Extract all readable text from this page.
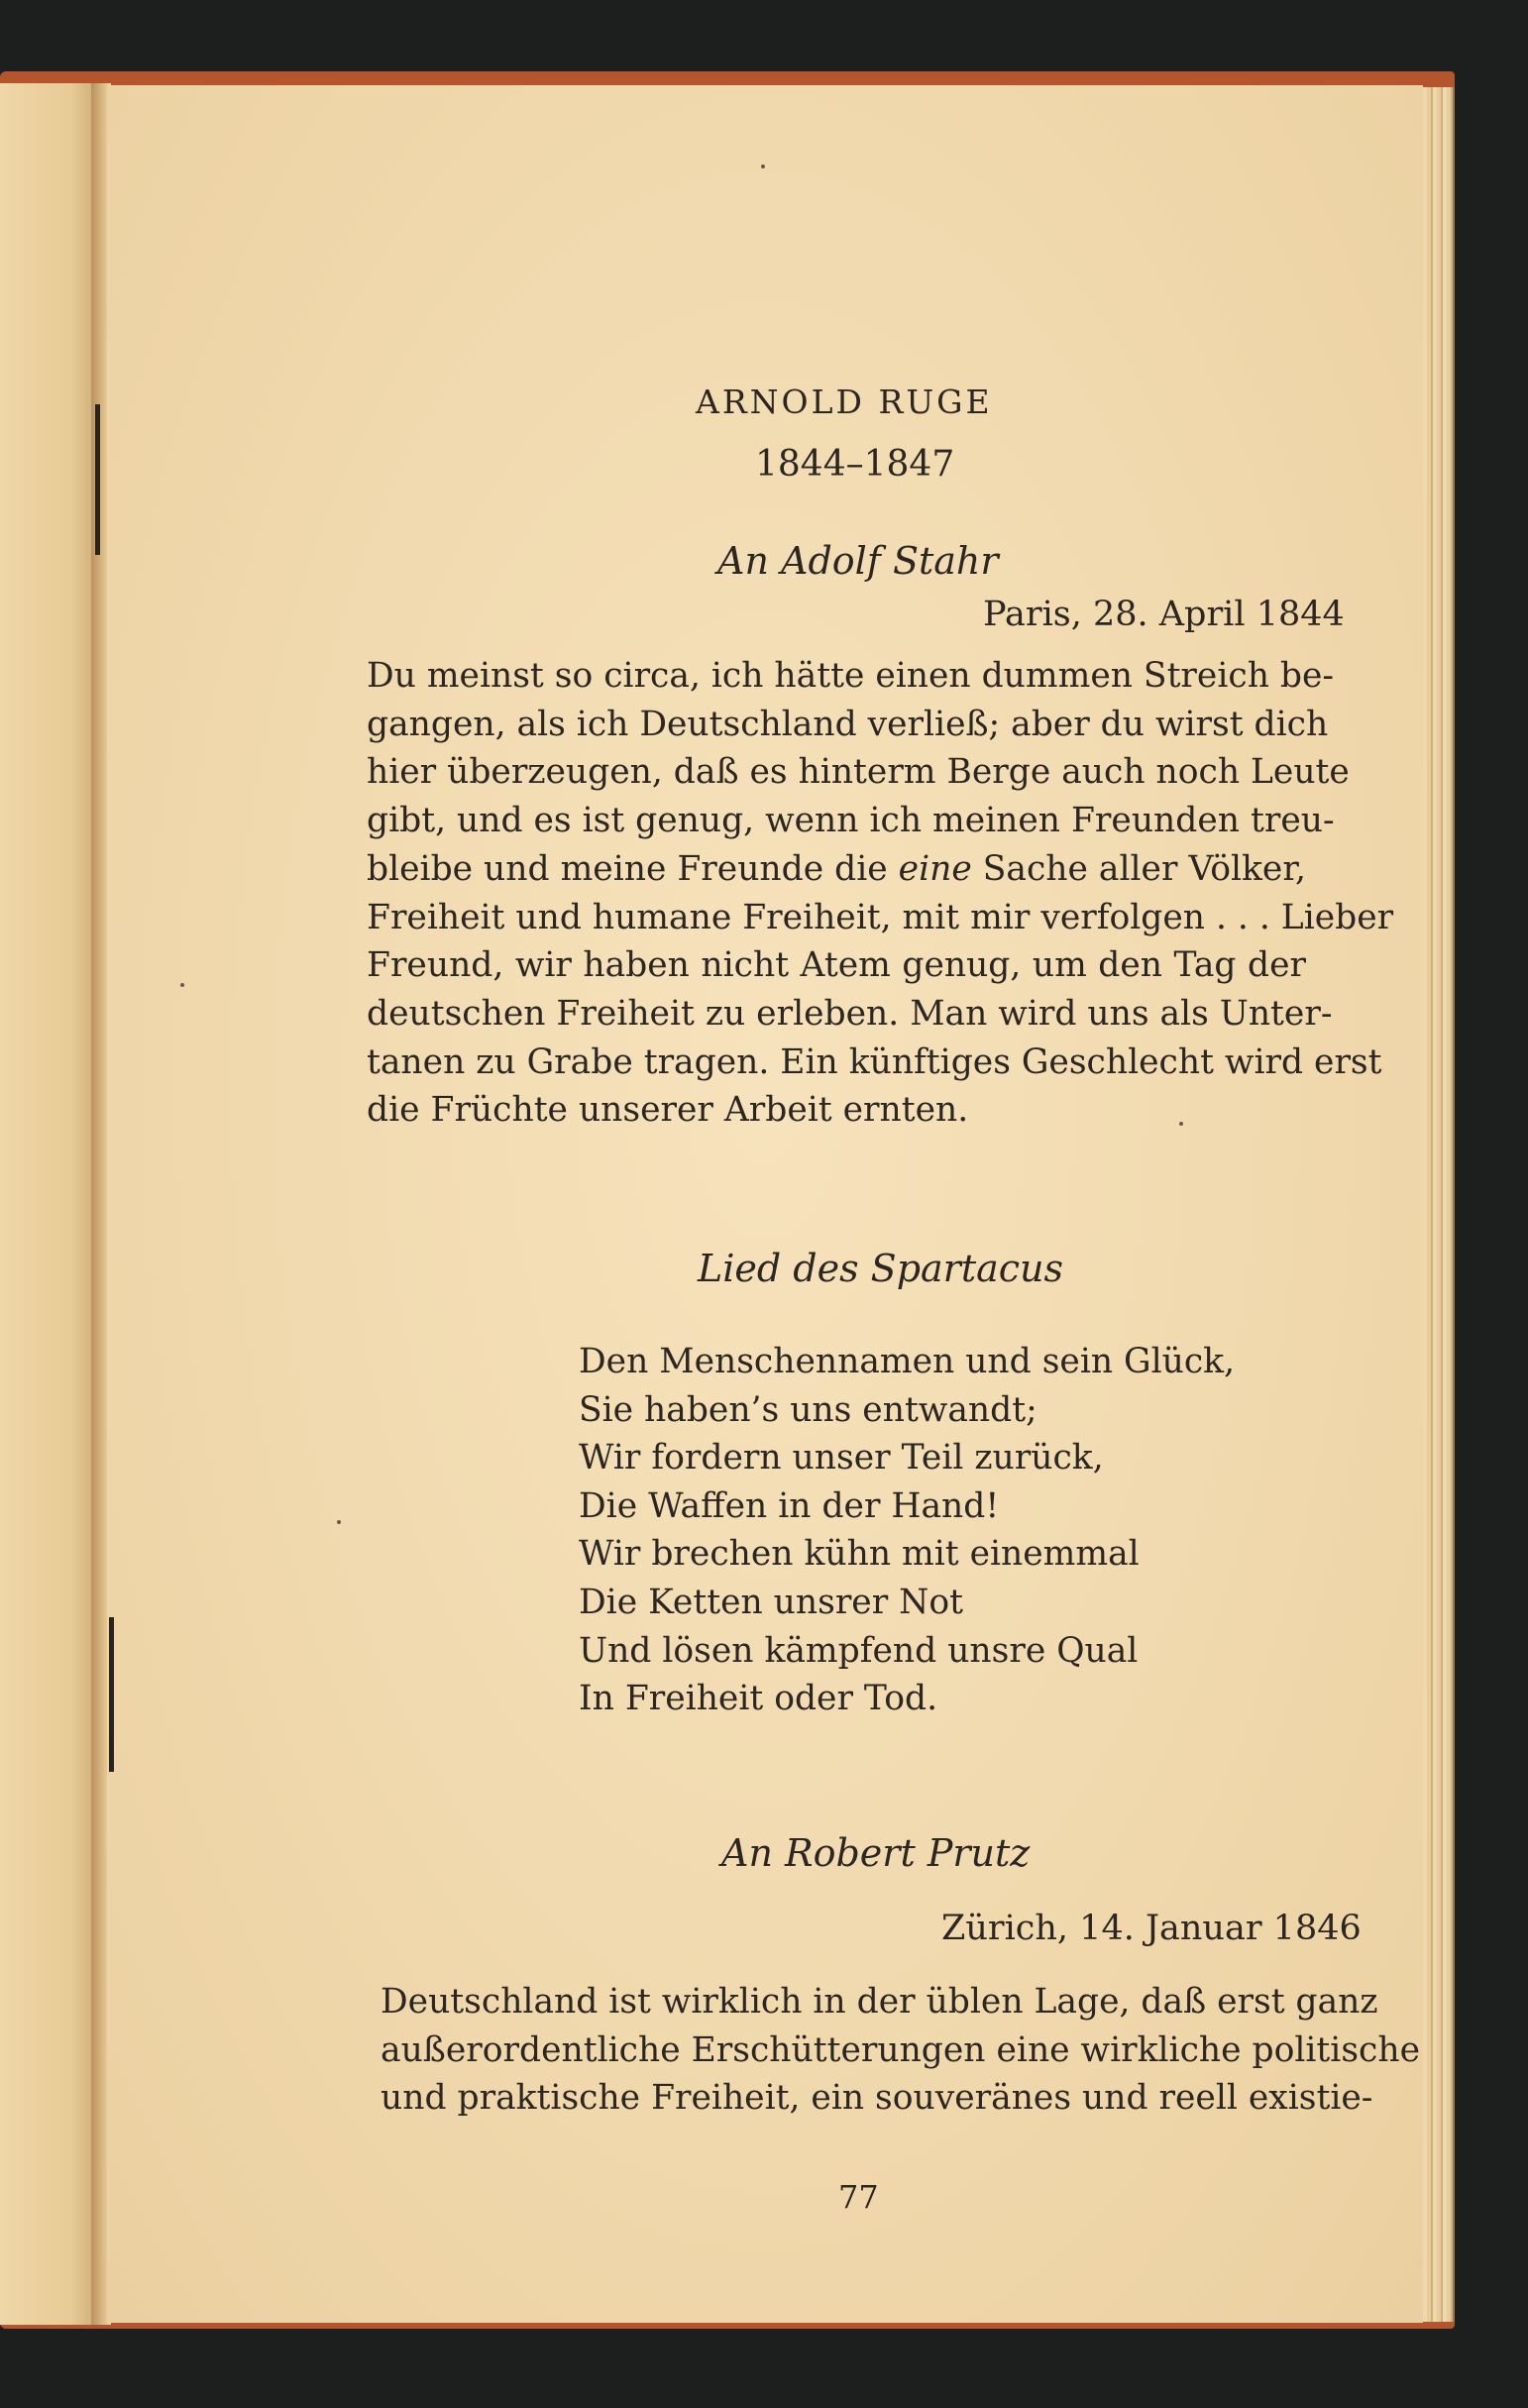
ARNOLD RUGE
1844–1847
An Adolf Stahr
Paris, 28. April 1844
Du meinst so circa, ich hätte einen dummen Streich be-
gangen, als ich Deutschland verließ; aber du wirst dich
hier überzeugen, daß es hinterm Berge auch noch Leute
gibt, und es ist genug, wenn ich meinen Freunden treu-
bleibe und meine Freunde die eine Sache aller Völker,
Freiheit und humane Freiheit, mit mir verfolgen . . . Lieber
Freund, wir haben nicht Atem genug, um den Tag der
deutschen Freiheit zu erleben. Man wird uns als Unter-
tanen zu Grabe tragen. Ein künftiges Geschlecht wird erst
die Früchte unserer Arbeit ernten.
Lied des Spartacus
Den Menschennamen und sein Glück,
Sie haben’s uns entwandt;
Wir fordern unser Teil zurück,
Die Waffen in der Hand!
Wir brechen kühn mit einemmal
Die Ketten unsrer Not
Und lösen kämpfend unsre Qual
In Freiheit oder Tod.
An Robert Prutz
Zürich, 14. Januar 1846
Deutschland ist wirklich in der üblen Lage, daß erst ganz
außerordentliche Erschütterungen eine wirkliche politische
und praktische Freiheit, ein souveränes und reell existie-
77
